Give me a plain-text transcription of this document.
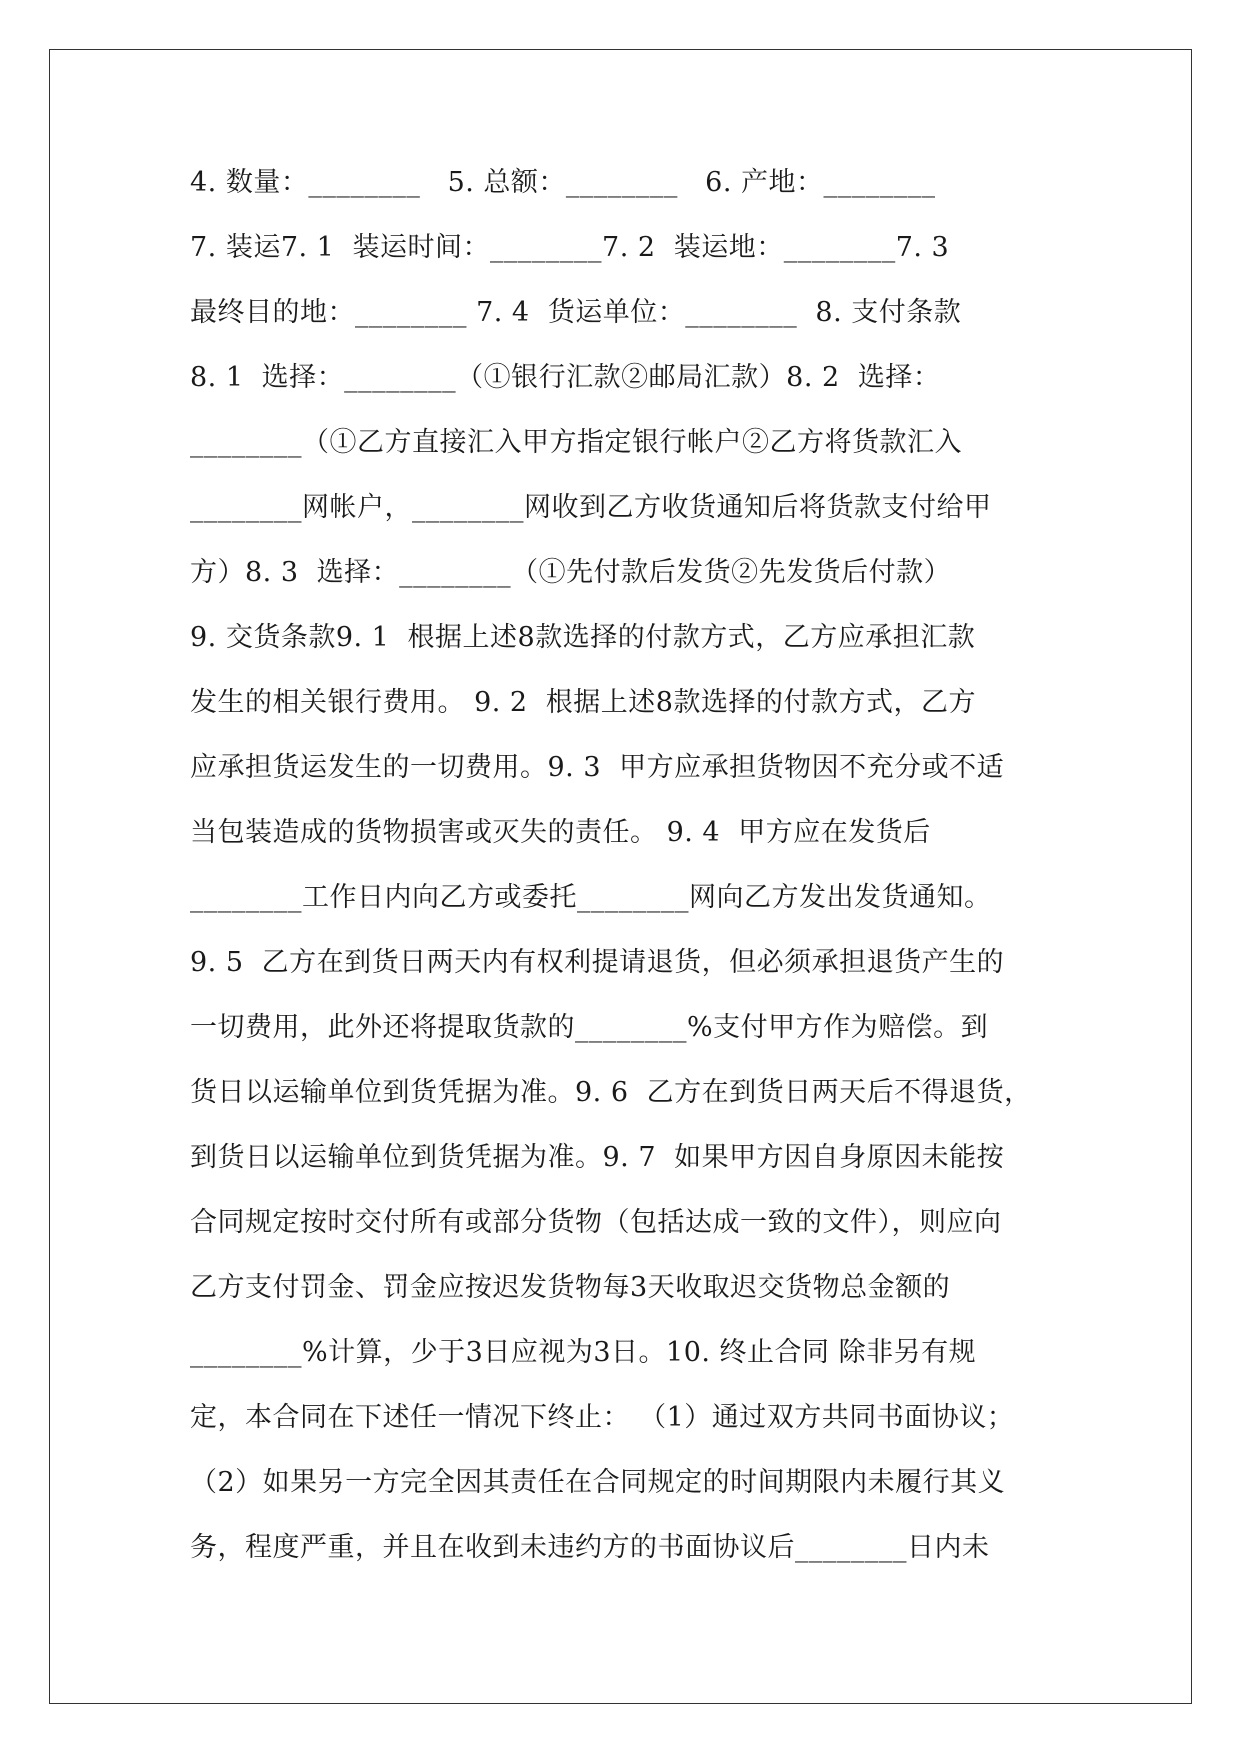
4. 数量：________   5. 总额：________   6. 产地：________
7. 装运7. 1  装运时间：________7. 2  装运地：________7. 3
最终目的地：________ 7. 4  货运单位：________  8. 支付条款
8. 1  选择：________（①银行汇款②邮局汇款）8. 2  选择：
________（①乙方直接汇入甲方指定银行帐户②乙方将货款汇入
________网帐户，________网收到乙方收货通知后将货款支付给甲
方）8. 3  选择：________（①先付款后发货②先发货后付款）
9. 交货条款9. 1  根据上述8款选择的付款方式，乙方应承担汇款
发生的相关银行费用。 9. 2  根据上述8款选择的付款方式，乙方
应承担货运发生的一切费用。9. 3  甲方应承担货物因不充分或不适
当包装造成的货物损害或灭失的责任。 9. 4  甲方应在发货后
________工作日内向乙方或委托________网向乙方发出发货通知。
9. 5  乙方在到货日两天内有权利提请退货，但必须承担退货产生的
一切费用，此外还将提取货款的________%支付甲方作为赔偿。到
货日以运输单位到货凭据为准。9. 6  乙方在到货日两天后不得退货，
到货日以运输单位到货凭据为准。9. 7  如果甲方因自身原因未能按
合同规定按时交付所有或部分货物（包括达成一致的文件），则应向
乙方支付罚金、罚金应按迟发货物每3天收取迟交货物总金额的
________%计算，少于3日应视为3日。10. 终止合同 除非另有规
定，本合同在下述任一情况下终止： （1）通过双方共同书面协议；
（2）如果另一方完全因其责任在合同规定的时间期限内未履行其义
务，程度严重，并且在收到未违约方的书面协议后________日内未
